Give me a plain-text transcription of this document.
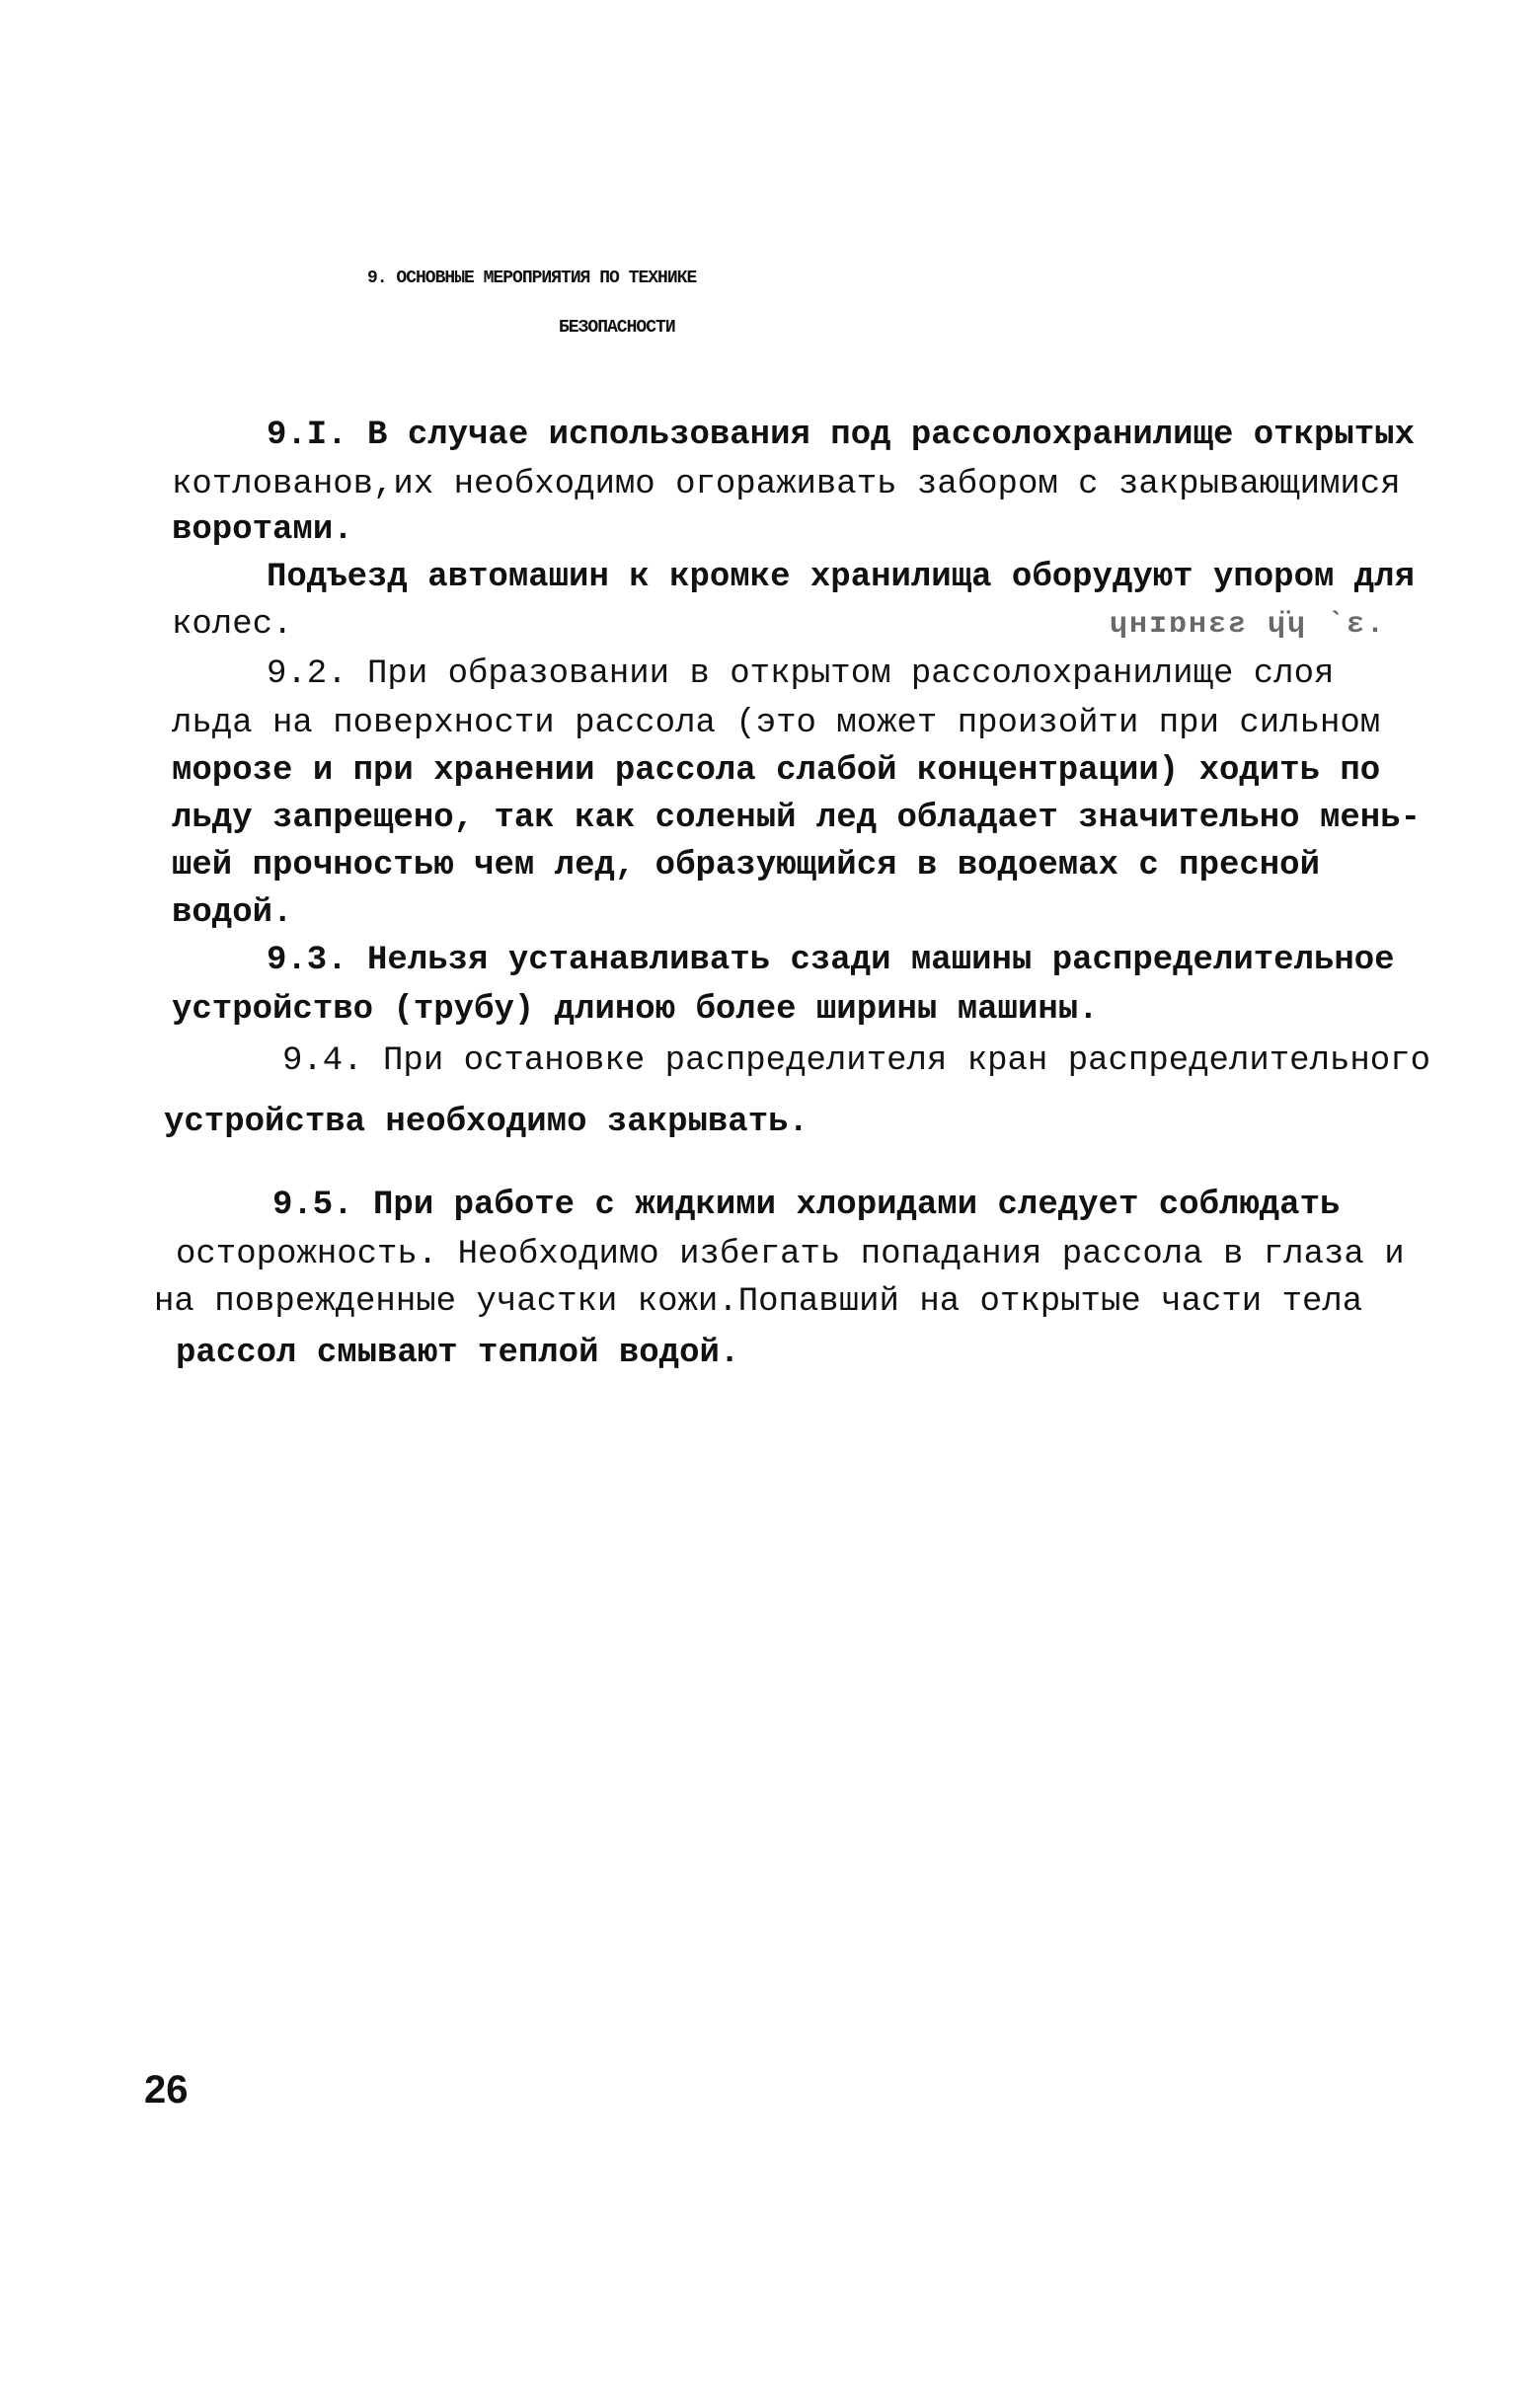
9. ОСНОВНЫЕ МЕРОПРИЯТИЯ ПО ТЕХНИКЕ
БЕЗОПАСНОСТИ
9.I. В случае использования под рассолохранилище открытых
котлованов,их необходимо огораживать забором с закрывающимися
воротами.
Подъезд автомашин к кромке хранилища оборудуют упором для
колес.	ɥʜɪɒʜɛƨ ɥ̈ɥ ˋɛ.
9.2. При образовании в открытом рассолохранилище слоя
льда на поверхности рассола (это может произойти при сильном
морозе и при хранении рассола слабой концентрации) ходить по
льду запрещено, так как соленый лед обладает значительно мень-
шей прочностью чем лед, образующийся в водоемах с пресной
водой.
9.3. Нельзя устанавливать сзади машины распределительное
устройство (трубу) длиною более ширины машины.
9.4. При остановке распределителя кран распределительного
устройства необходимо закрывать.
9.5. При работе с жидкими хлоридами следует соблюдать
осторожность. Необходимо избегать попадания рассола в глаза и
на поврежденные участки кожи.Попавший на открытые части тела
рассол смывают теплой водой.
26
